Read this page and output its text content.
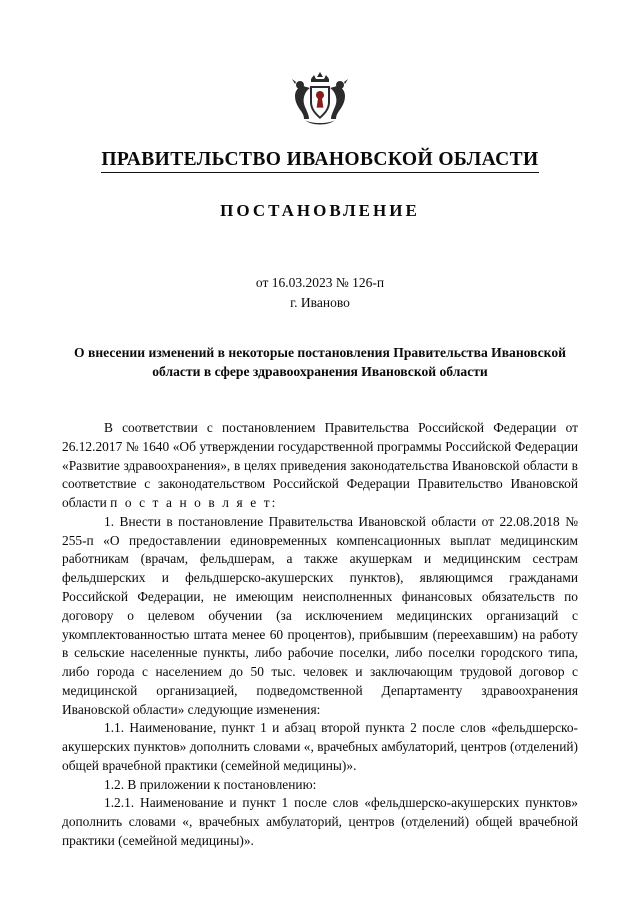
ПРАВИТЕЛЬСТВО ИВАНОВСКОЙ ОБЛАСТИ
ПОСТАНОВЛЕНИЕ
от 16.03.2023 № 126-п
г. Иваново
О внесении изменений в некоторые постановления Правительства Ивановской области в сфере здравоохранения Ивановской области

В соответствии с постановлением Правительства Российской Федерации от 26.12.2017 № 1640 «Об утверждении государственной программы Российской Федерации «Развитие здравоохранения», в целях приведения законодательства Ивановской области в соответствие с законодательством Российской Федерации Правительство Ивановской области п о с т а н о в л я е т:

1. Внести в постановление Правительства Ивановской области от 22.08.2018 № 255-п «О предоставлении единовременных компенсационных выплат медицинским работникам (врачам, фельдшерам, а также акушеркам и медицинским сестрам фельдшерских и фельдшерско-акушерских пунктов), являющимся гражданами Российской Федерации, не имеющим неисполненных финансовых обязательств по договору о целевом обучении (за исключением медицинских организаций с укомплектованностью штата менее 60 процентов), прибывшим (переехавшим) на работу в сельские населенные пункты, либо рабочие поселки, либо поселки городского типа, либо города с населением до 50 тыс. человек и заключающим трудовой договор с медицинской организацией, подведомственной Департаменту здравоохранения Ивановской области» следующие изменения:

1.1. Наименование, пункт 1 и абзац второй пункта 2 после слов «фельдшерско-акушерских пунктов» дополнить словами «, врачебных амбулаторий, центров (отделений) общей врачебной практики (семейной медицины)».

1.2. В приложении к постановлению:

1.2.1. Наименование и пункт 1 после слов «фельдшерско-акушерских пунктов» дополнить словами «, врачебных амбулаторий, центров (отделений) общей врачебной практики (семейной медицины)».
